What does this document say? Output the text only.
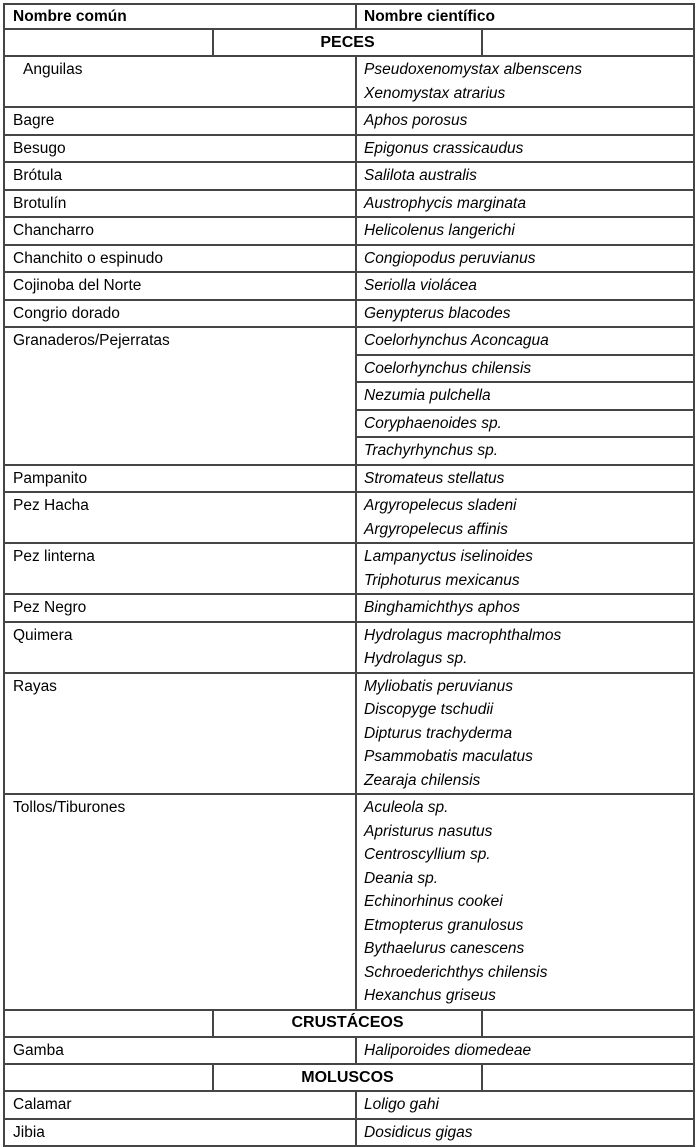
Nombre común	Nombre científico
PECES
Anguilas	Pseudoxenomystax albenscens
Xenomystax atrarius
Bagre	Aphos porosus
Besugo	Epigonus crassicaudus
Brótula	Salilota australis
Brotulín	Austrophycis marginata
Chancharro	Helicolenus langerichi
Chanchito o espinudo	Congiopodus peruvianus
Cojinoba del Norte	Seriolla violácea
Congrio dorado	Genypterus blacodes
Granaderos/Pejerratas	Coelorhynchus Aconcagua
Coelorhynchus chilensis
Nezumia pulchella
Coryphaenoides sp.
Trachyrhynchus sp.
Pampanito	Stromateus stellatus
Pez Hacha	Argyropelecus sladeni
Argyropelecus affinis
Pez linterna	Lampanyctus iselinoides
Triphoturus mexicanus
Pez Negro	Binghamichthys aphos
Quimera	Hydrolagus macrophthalmos
Hydrolagus sp.
Rayas	Myliobatis peruvianus
Discopyge tschudii
Dipturus trachyderma
Psammobatis maculatus
Zearaja chilensis
Tollos/Tiburones	Aculeola sp.
Apristurus nasutus
Centroscyllium sp.
Deania sp.
Echinorhinus cookei
Etmopterus granulosus
Bythaelurus canescens
Schroederichthys chilensis
Hexanchus griseus
CRUSTÁCEOS
Gamba	Haliporoides diomedeae
MOLUSCOS
Calamar	Loligo gahi
Jibia	Dosidicus gigas
